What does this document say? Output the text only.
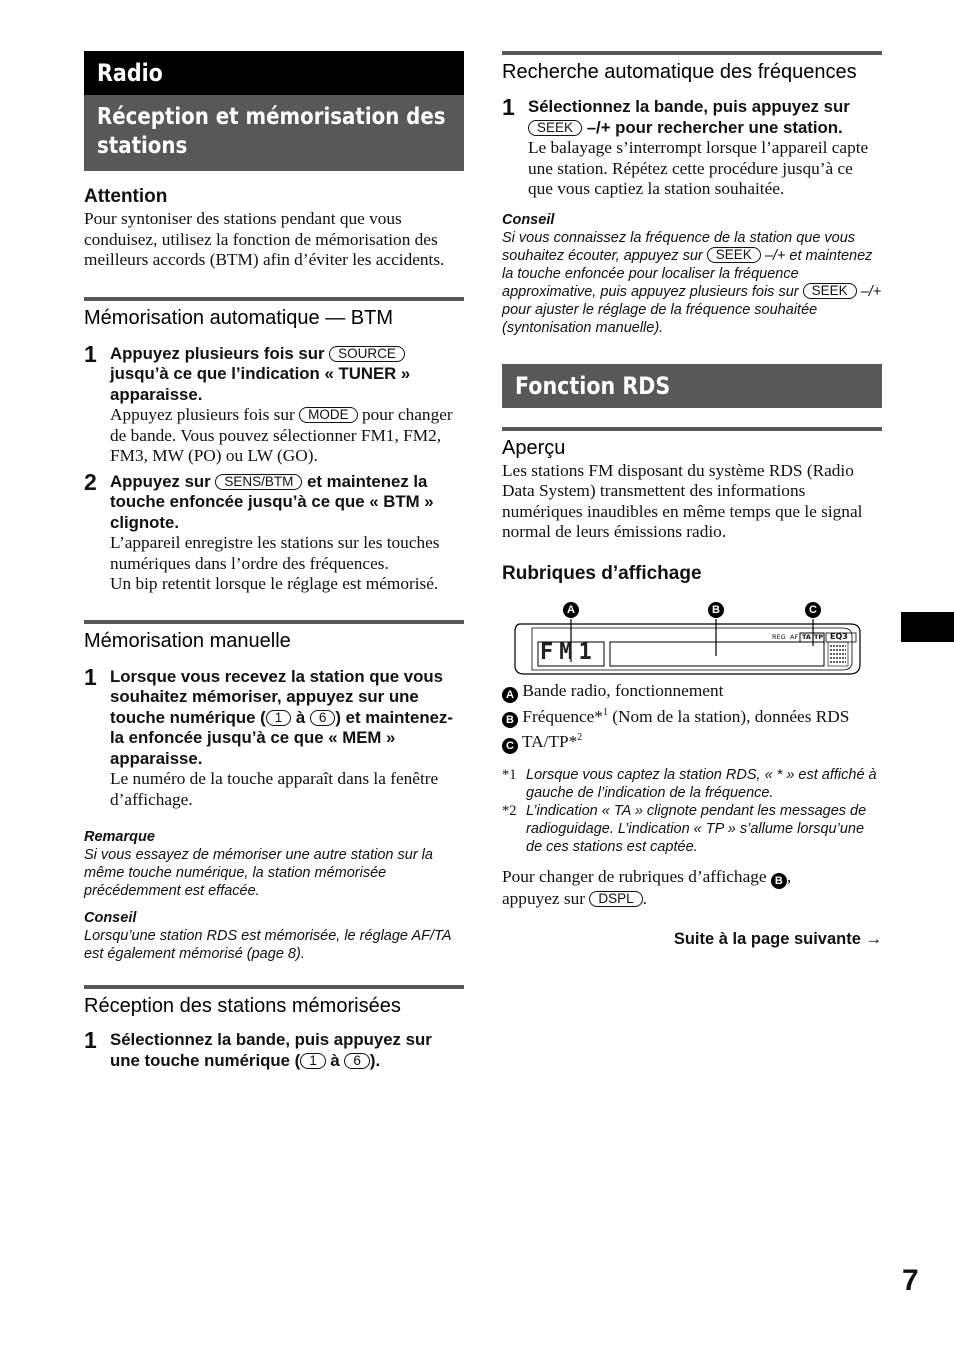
Radio
Réception et mémorisation des stations
Attention
Pour syntoniser des stations pendant que vous conduisez, utilisez la fonction de mémorisation des meilleurs accords (BTM) afin d’éviter les accidents.
Mémorisation automatique — BTM
1 Appuyez plusieurs fois sur SOURCE jusqu’à ce que l’indication « TUNER » apparaisse.
Appuyez plusieurs fois sur MODE pour changer de bande. Vous pouvez sélectionner FM1, FM2, FM3, MW (PO) ou LW (GO).
2 Appuyez sur SENS/BTM et maintenez la touche enfoncée jusqu’à ce que « BTM » clignote.
L’appareil enregistre les stations sur les touches numériques dans l’ordre des fréquences.
Un bip retentit lorsque le réglage est mémorisé.
Mémorisation manuelle
1 Lorsque vous recevez la station que vous souhaitez mémoriser, appuyez sur une touche numérique ( 1 à 6 ) et maintenez-la enfoncée jusqu’à ce que « MEM » apparaisse.
Le numéro de la touche apparaît dans la fenêtre d’affichage.
Remarque
Si vous essayez de mémoriser une autre station sur la même touche numérique, la station mémorisée précédemment est effacée.
Conseil
Lorsqu’une station RDS est mémorisée, le réglage AF/TA est également mémorisé (page 8).
Réception des stations mémorisées
1 Sélectionnez la bande, puis appuyez sur une touche numérique ( 1 à 6 ).
Recherche automatique des fréquences
1 Sélectionnez la bande, puis appuyez sur SEEK –/+ pour rechercher une station.
Le balayage s’interrompt lorsque l’appareil capte une station. Répétez cette procédure jusqu’à ce que vous captiez la station souhaitée.
Conseil
Si vous connaissez la fréquence de la station que vous souhaitez écouter, appuyez sur SEEK –/+ et maintenez la touche enfoncée pour localiser la fréquence approximative, puis appuyez plusieurs fois sur SEEK –/+ pour ajuster le réglage de la fréquence souhaitée (syntonisation manuelle).
Fonction RDS
Aperçu
Les stations FM disposant du système RDS (Radio Data System) transmettent des informations numériques inaudibles en même temps que le signal normal de leurs émissions radio.
Rubriques d’affichage
A	B	C
FM1
REG AF TA TP EQ3
A Bande radio, fonctionnement
B Fréquence*$^1$ (Nom de la station), données RDS
C TA/TP*$^2$
*1 Lorsque vous captez la station RDS, « * » est affiché à gauche de l’indication de la fréquence.
*2 L’indication « TA » clignote pendant les messages de radioguidage. L’indication « TP » s’allume lorsqu’une de ces stations est captée.
Pour changer de rubriques d’affichage B ,
appuyez sur DSPL .
Suite à la page suivante →
7
